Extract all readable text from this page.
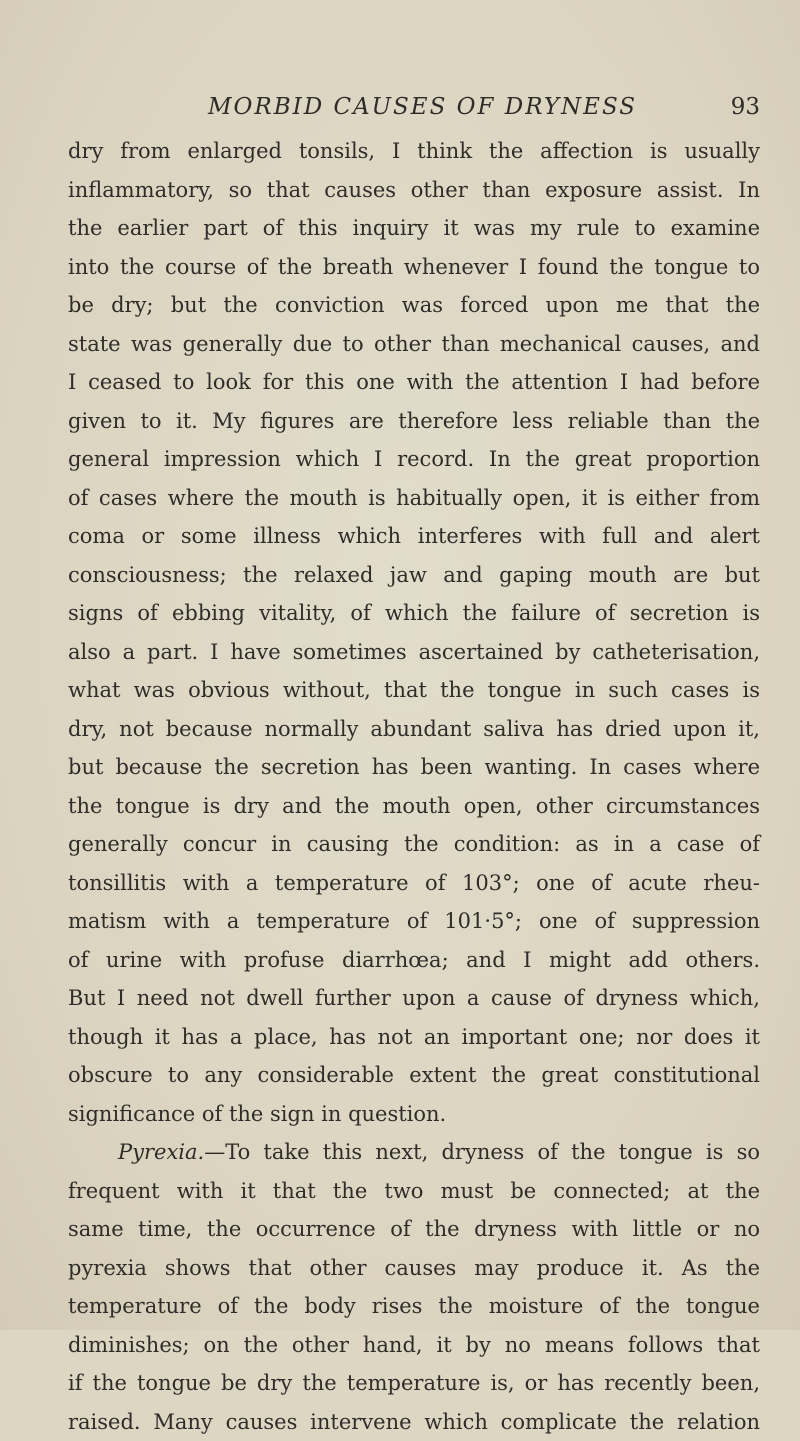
MORBID CAUSES OF DRYNESS	93
dry from enlarged tonsils, I think the affection is usually
inflammatory, so that causes other than exposure assist. In
the earlier part of this inquiry it was my rule to examine
into the course of the breath whenever I found the tongue to
be dry; but the conviction was forced upon me that the
state was generally due to other than mechanical causes, and
I ceased to look for this one with the attention I had before
given to it. My figures are therefore less reliable than the
general impression which I record. In the great proportion
of cases where the mouth is habitually open, it is either from
coma or some illness which interferes with full and alert
consciousness; the relaxed jaw and gaping mouth are but
signs of ebbing vitality, of which the failure of secretion is
also a part. I have sometimes ascertained by catheterisation,
what was obvious without, that the tongue in such cases is
dry, not because normally abundant saliva has dried upon it,
but because the secretion has been wanting. In cases where
the tongue is dry and the mouth open, other circumstances
generally concur in causing the condition: as in a case of
tonsillitis with a temperature of 103°; one of acute rheu-
matism with a temperature of 101·5°; one of suppression
of urine with profuse diarrhœa; and I might add others.
But I need not dwell further upon a cause of dryness which,
though it has a place, has not an important one; nor does it
obscure to any considerable extent the great constitutional
significance of the sign in question.
Pyrexia.—To take this next, dryness of the tongue is so
frequent with it that the two must be connected; at the
same time, the occurrence of the dryness with little or no
pyrexia shows that other causes may produce it. As the
temperature of the body rises the moisture of the tongue
diminishes; on the other hand, it by no means follows that
if the tongue be dry the temperature is, or has recently been,
raised. Many causes intervene which complicate the relation
